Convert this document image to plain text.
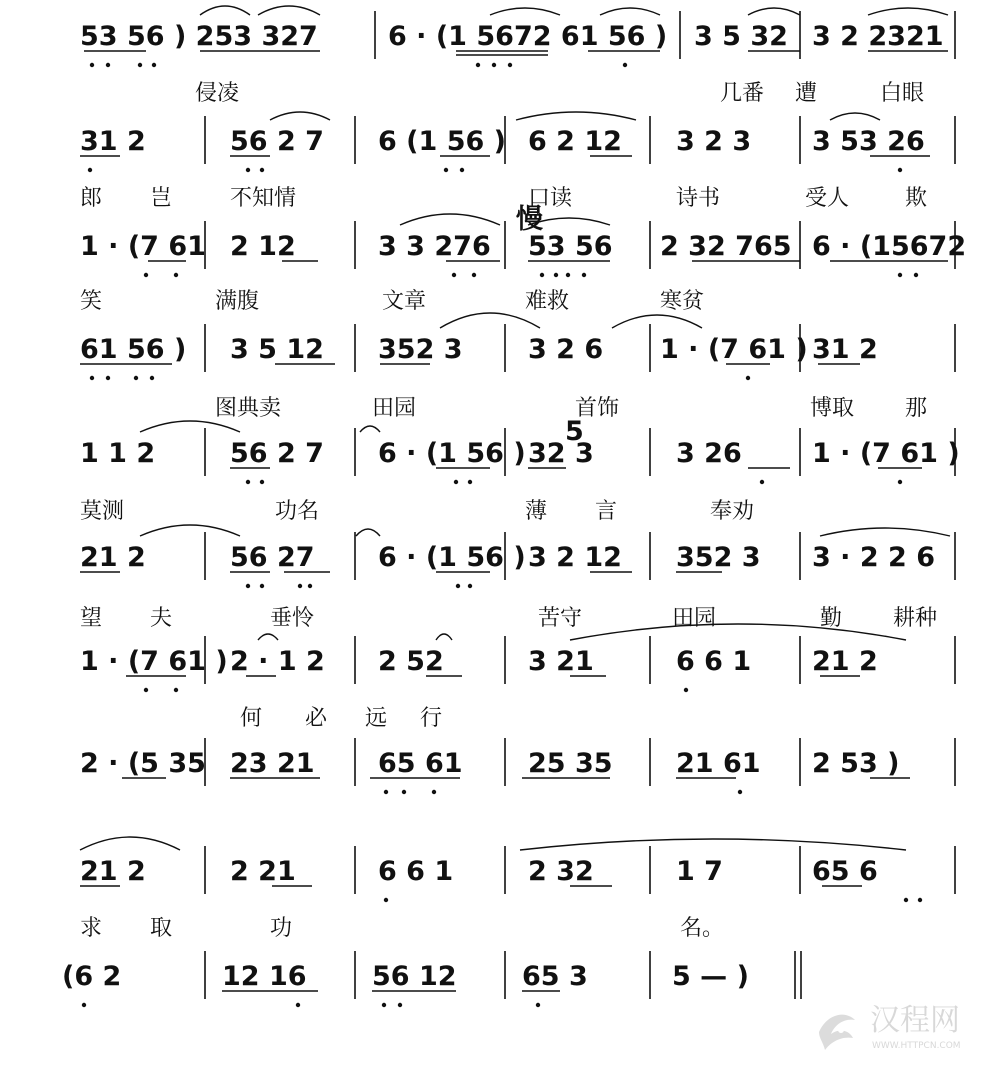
53 56 ) 253 327	6 · (1 5672 61 56 ) 3 5 32 3 2 2321
31 2	56 2 7 6 (1 56 ) 6 2 12 3 2 3 3 53 26
1 · (7 61 2 12	3 3 276 53 56 2 32 765 6 · (15672
61 56 ) 3 5 12 352 3 3 2 6 1 · (7 61 ) 31 2
1 1 2	56 2 7 6 · (1 56 ) 32 3	3 26	1 · (7 61 )
21 2	56 27 6 · (1 56 ) 3 2 12 352 3 3 · 2 2 6
1 · (7 61 ) 2 · 1 2 2 52	3 21	6 6 1 21 2
2 · (5 35 23 21 65 61 25 35 21 61 2 53 )
21 2	2 21	6 6 1	2 32	1 7	65 6
(6 2	12 16 56 12 65 3	5 — )
侵凌	几番 遭	白眼
郎 岂	不知情	口读	诗书	受人	欺
笑	满腹	文章	难救	寒贫
图典卖	田园	首饰	博取 那
莫测	功名	薄 言	奉劝
望 夫	垂怜	苦守	田园	勤 耕种
何 必 远 行
求 取	功	名。
慢
5
汉程网
WWW.HTTPCN.COM
